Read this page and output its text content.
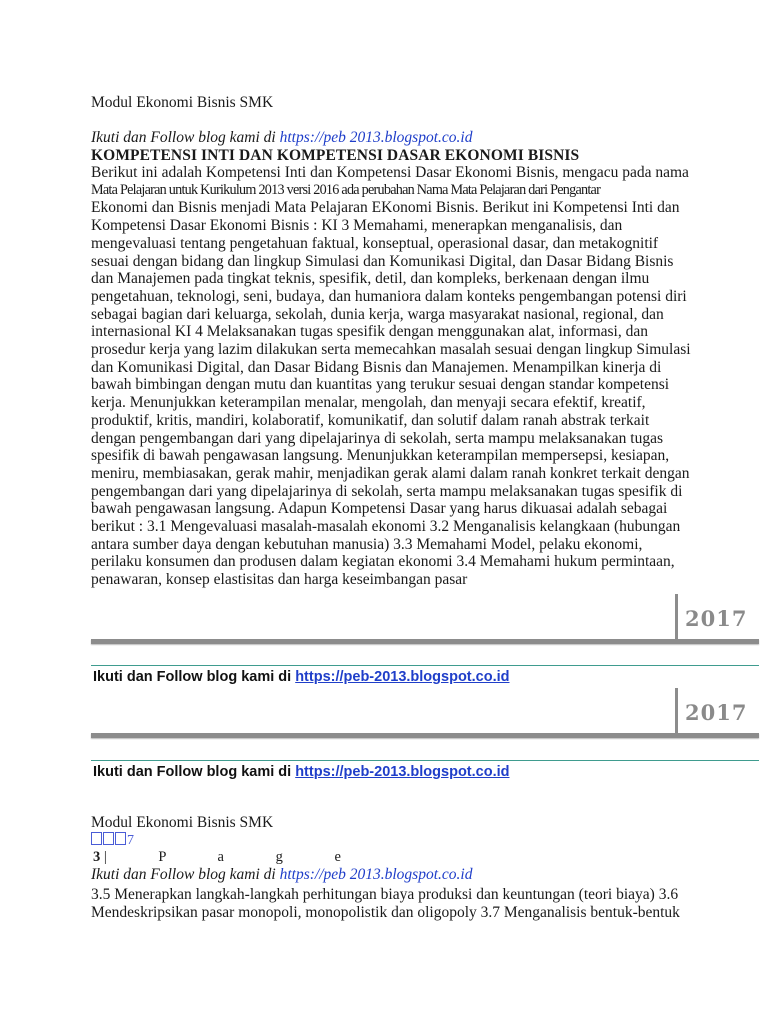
Modul Ekonomi Bisnis SMK
Ikuti dan Follow blog kami di https://peb 2013.blogspot.co.id
KOMPETENSI INTI DAN KOMPETENSI DASAR EKONOMI BISNIS
Berikut ini adalah Kompetensi Inti dan Kompetensi Dasar Ekonomi Bisnis, mengacu pada nama
Mata Pelajaran untuk Kurikulum 2013 versi 2016 ada perubahan Nama Mata Pelajaran dari Pengantar
Ekonomi dan Bisnis menjadi Mata Pelajaran EKonomi Bisnis. Berikut ini Kompetensi Inti dan
Kompetensi Dasar Ekonomi Bisnis : KI 3 Memahami, menerapkan menganalisis, dan
mengevaluasi tentang pengetahuan faktual, konseptual, operasional dasar, dan metakognitif
sesuai dengan bidang dan lingkup Simulasi dan Komunikasi Digital, dan Dasar Bidang Bisnis
dan Manajemen pada tingkat teknis, spesifik, detil, dan kompleks, berkenaan dengan ilmu
pengetahuan, teknologi, seni, budaya, dan humaniora dalam konteks pengembangan potensi diri
sebagai bagian dari keluarga, sekolah, dunia kerja, warga masyarakat nasional, regional, dan
internasional KI 4 Melaksanakan tugas spesifik dengan menggunakan alat, informasi, dan
prosedur kerja yang lazim dilakukan serta memecahkan masalah sesuai dengan lingkup Simulasi
dan Komunikasi Digital, dan Dasar Bidang Bisnis dan Manajemen. Menampilkan kinerja di
bawah bimbingan dengan mutu dan kuantitas yang terukur sesuai dengan standar kompetensi
kerja. Menunjukkan keterampilan menalar, mengolah, dan menyaji secara efektif, kreatif,
produktif, kritis, mandiri, kolaboratif, komunikatif, dan solutif dalam ranah abstrak terkait
dengan pengembangan dari yang dipelajarinya di sekolah, serta mampu melaksanakan tugas
spesifik di bawah pengawasan langsung. Menunjukkan keterampilan mempersepsi, kesiapan,
meniru, membiasakan, gerak mahir, menjadikan gerak alami dalam ranah konkret terkait dengan
pengembangan dari yang dipelajarinya di sekolah, serta mampu melaksanakan tugas spesifik di
bawah pengawasan langsung. Adapun Kompetensi Dasar yang harus dikuasai adalah sebagai
berikut : 3.1 Mengevaluasi masalah-masalah ekonomi 3.2 Menganalisis kelangkaan (hubungan
antara sumber daya dengan kebutuhan manusia) 3.3 Memahami Model, pelaku ekonomi,
perilaku konsumen dan produsen dalam kegiatan ekonomi 3.4 Memahami hukum permintaan,
penawaran, konsep elastisitas dan harga keseimbangan pasar
2017
Ikuti dan Follow blog kami di https://peb-2013.blogspot.co.id
2017
Ikuti dan Follow blog kami di https://peb-2013.blogspot.co.id
Modul Ekonomi Bisnis SMK
7
3 | P a g e
Ikuti dan Follow blog kami di https://peb 2013.blogspot.co.id
3.5 Menerapkan langkah-langkah perhitungan biaya produksi dan keuntungan (teori biaya) 3.6
Mendeskripsikan pasar monopoli, monopolistik dan oligopoly 3.7 Menganalisis bentuk-bentuk
